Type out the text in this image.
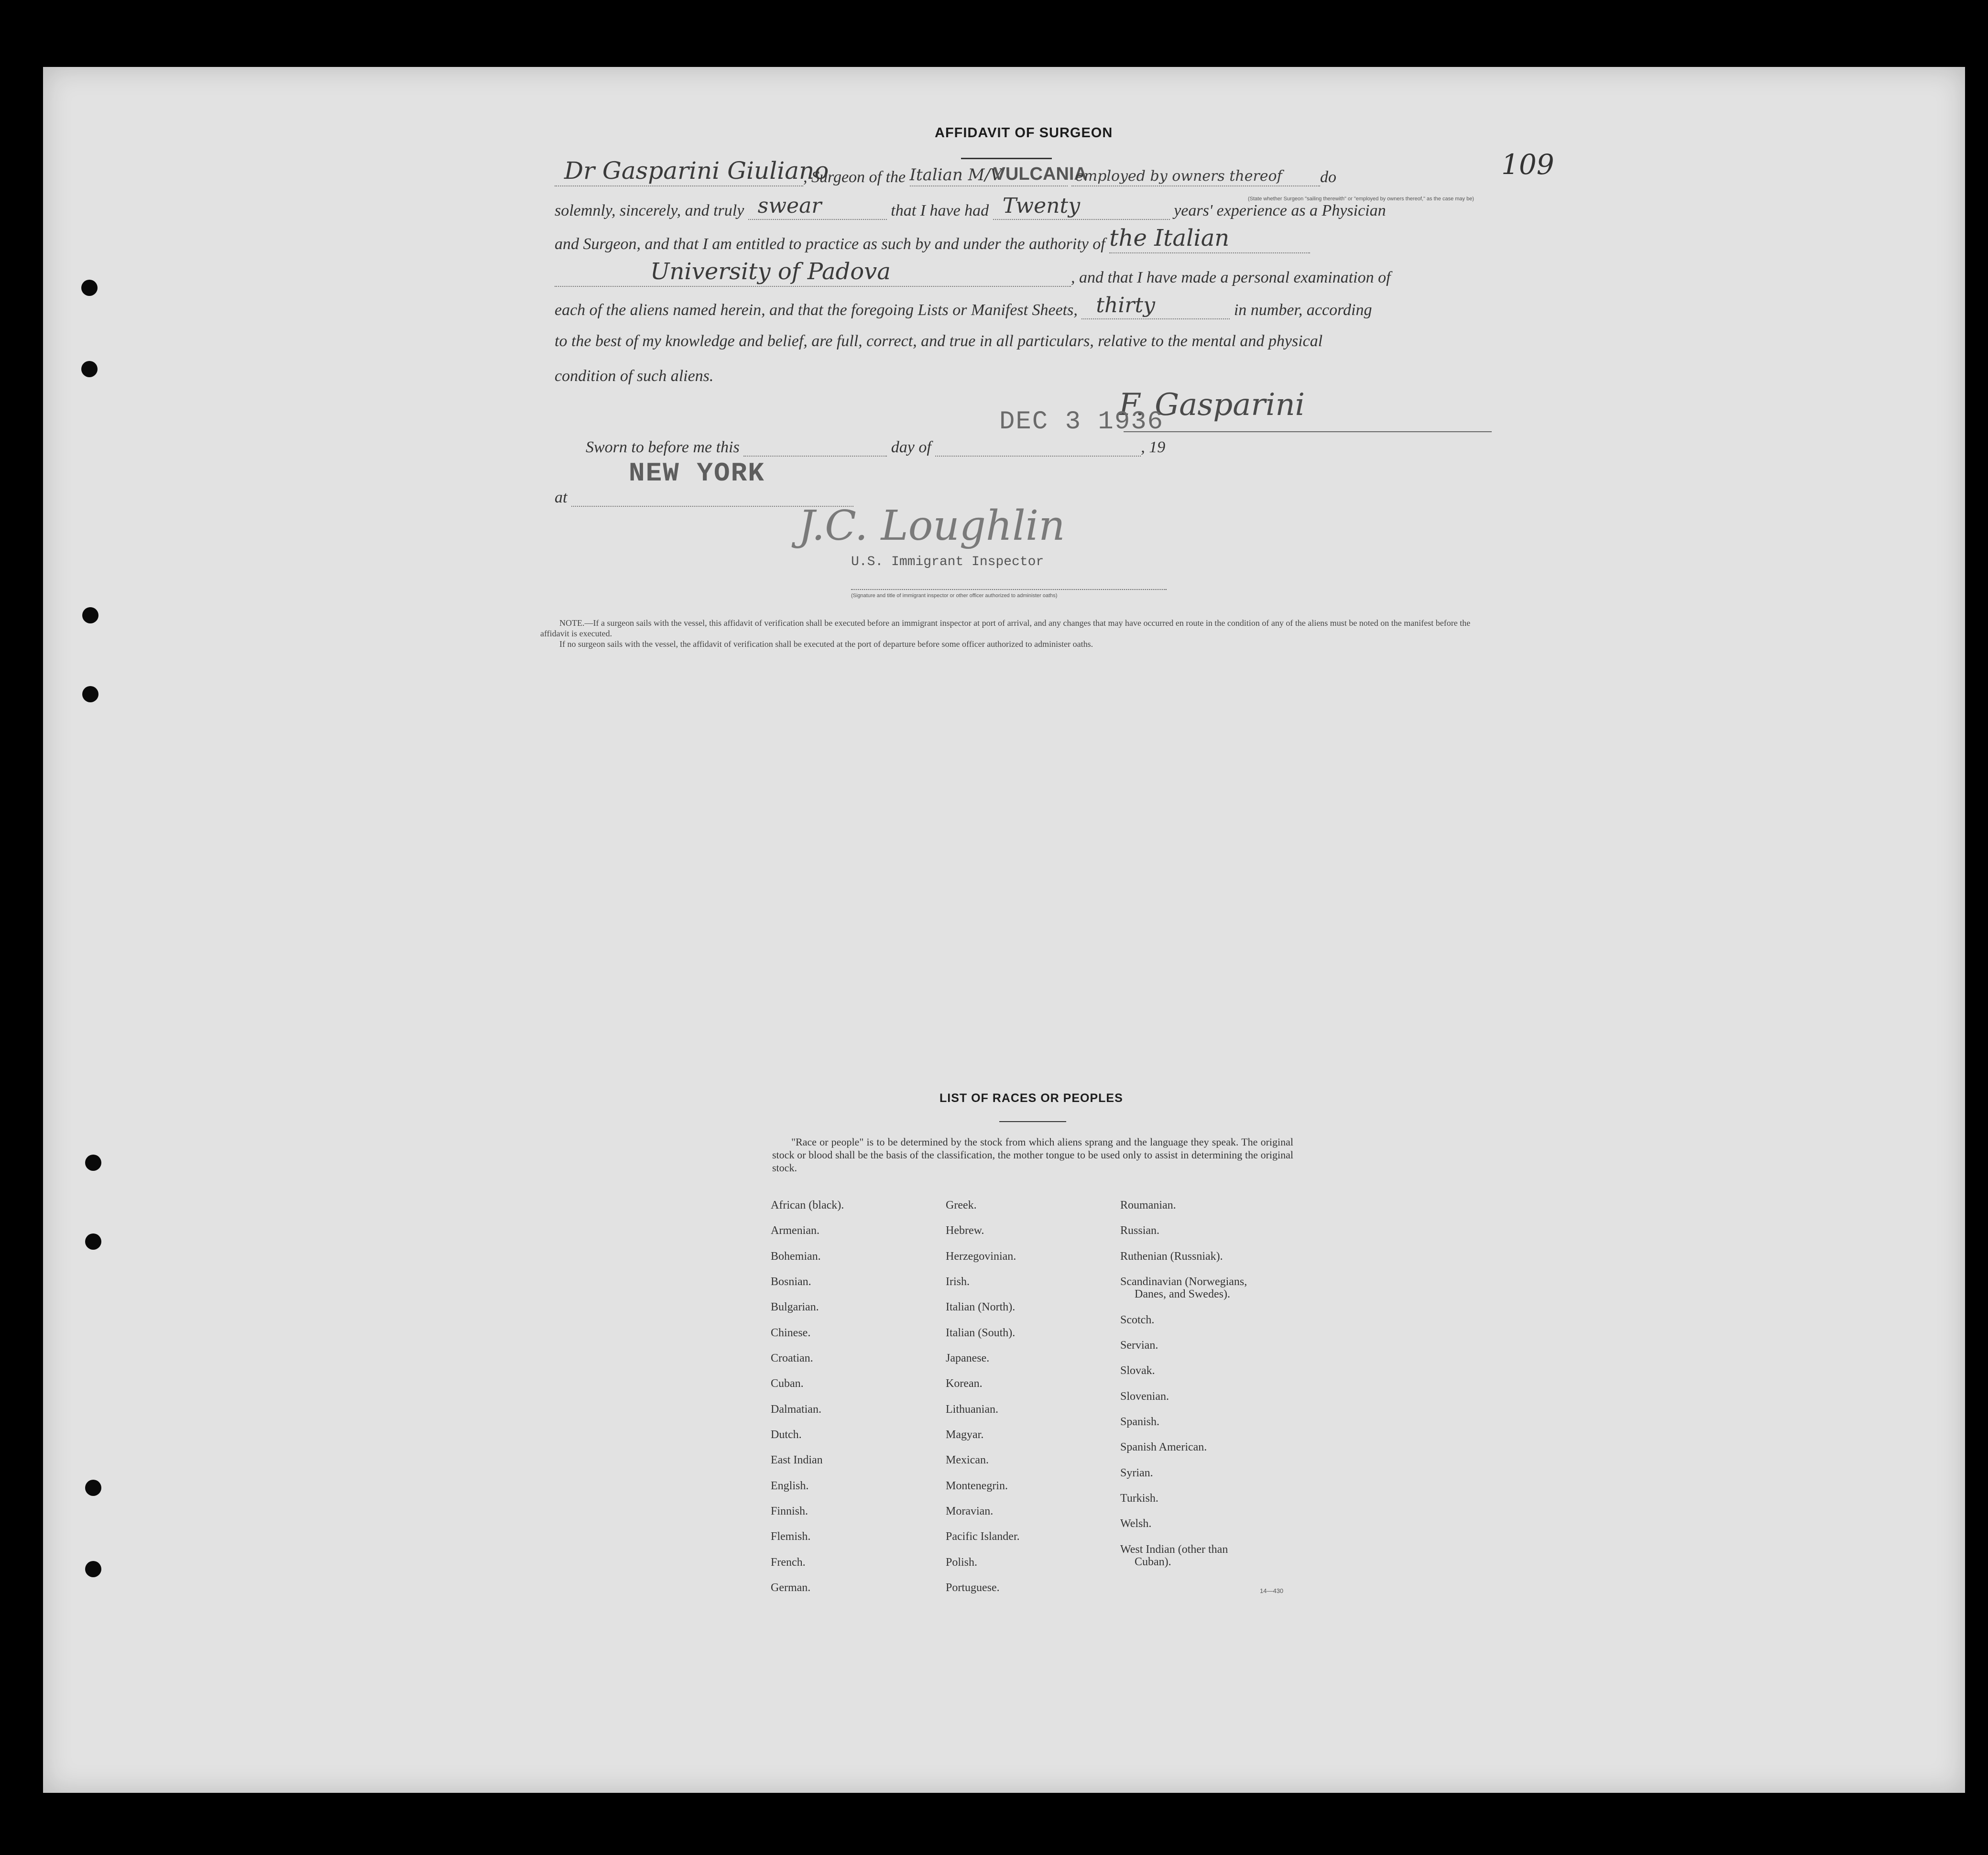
AFFIDAVIT OF SURGEON
109
Dr Gasparini Giuliano
, Surgeon of the Italian M/V
VULCANIA

employed by owners thereof do
(State whether Surgeon "sailing therewith" or "employed by owners thereof," as the case may be)
solemnly, sincerely, and truly swear	that I have had Twenty	years' experience as a Physician
and Surgeon, and that I am entitled to practice as such by and under the authority of the Italian
University of Padova	, and that I have made a personal examination of
each of the aliens named herein, and that the foregoing Lists or Manifest Sheets, thirty	in number, according
to the best of my knowledge and belief, are full, correct, and true in all particulars, relative to the mental and physical
condition of such aliens.
F. Gasparini
DEC 3 1936
Sworn to before me this	day of	, 19
NEW YORK
at
J.C. Loughlin
U.S. Immigrant Inspector
(Signature and title of immigrant inspector or other officer authorized to administer oaths)
NOTE.—If a surgeon sails with the vessel, this affidavit of verification shall be executed before an immigrant inspector at port of arrival, and any changes that may have occurred en route in the condition of any of the aliens must be noted on the manifest before the affidavit is executed.
If no surgeon sails with the vessel, the affidavit of verification shall be executed at the port of departure before some officer authorized to administer oaths.
LIST OF RACES OR PEOPLES
"Race or people" is to be determined by the stock from which aliens sprang and the language they speak. The original stock or blood shall be the basis of the classification, the mother tongue to be used only to assist in determining the original stock.
African (black).
Armenian.
Bohemian.
Bosnian.
Bulgarian.
Chinese.
Croatian.
Cuban.
Dalmatian.
Dutch.
East Indian
English.
Finnish.
Flemish.
French.
German.
Greek.
Hebrew.
Herzegovinian.
Irish.
Italian (North).
Italian (South).
Japanese.
Korean.
Lithuanian.
Magyar.
Mexican.
Montenegrin.
Moravian.
Pacific Islander.
Polish.
Portuguese.
Roumanian.
Russian.
Ruthenian (Russniak).
Scandinavian (Norwegians,
Danes, and Swedes).
Scotch.
Servian.
Slovak.
Slovenian.
Spanish.
Spanish American.
Syrian.
Turkish.
Welsh.
West Indian (other than
Cuban).
14—430
